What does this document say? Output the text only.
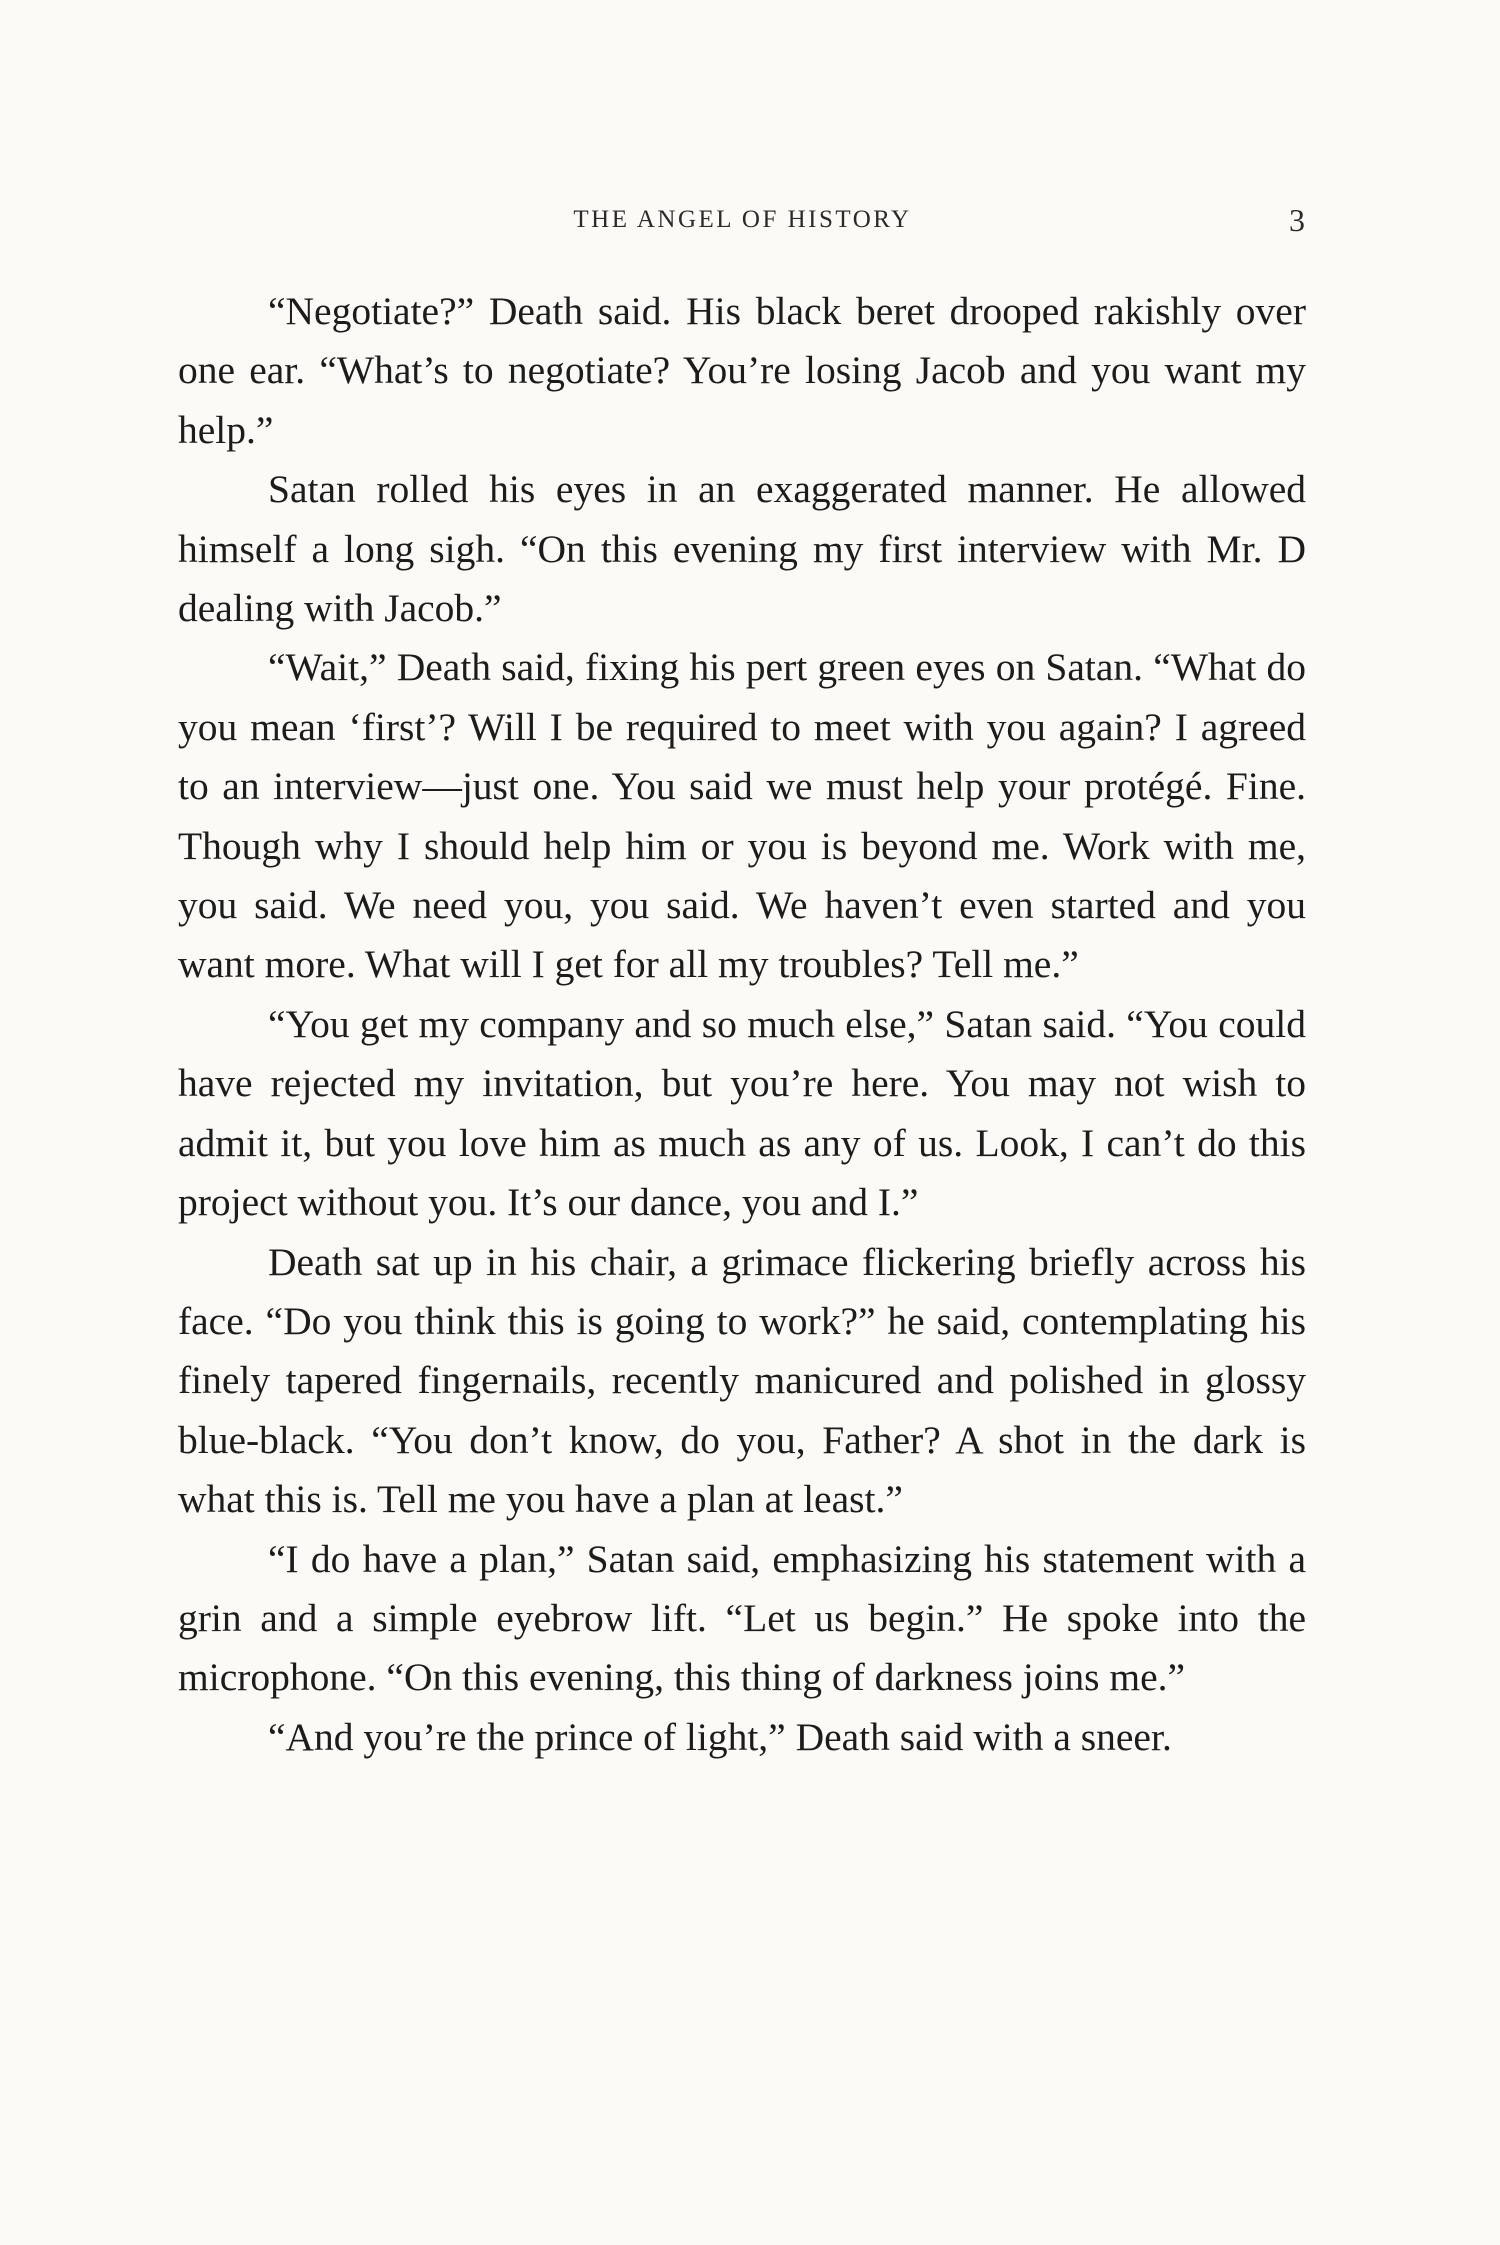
THE ANGEL OF HISTORY	3

“Negotiate?” Death said. His black beret drooped rakishly over one ear. “What’s to negotiate? You’re losing Jacob and you want my help.”

Satan rolled his eyes in an exaggerated manner. He allowed himself a long sigh. “On this evening my first interview with Mr. D dealing with Jacob.”

“Wait,” Death said, fixing his pert green eyes on Satan. “What do you mean ‘first’? Will I be required to meet with you again? I agreed to an interview—just one. You said we must help your protégé. Fine. Though why I should help him or you is beyond me. Work with me, you said. We need you, you said. We haven’t even started and you want more. What will I get for all my troubles? Tell me.”

“You get my company and so much else,” Satan said. “You could have rejected my invitation, but you’re here. You may not wish to admit it, but you love him as much as any of us. Look, I can’t do this project without you. It’s our dance, you and I.”

Death sat up in his chair, a grimace flickering briefly across his face. “Do you think this is going to work?” he said, contemplating his finely tapered fingernails, recently manicured and polished in glossy blue-black. “You don’t know, do you, Father? A shot in the dark is what this is. Tell me you have a plan at least.”

“I do have a plan,” Satan said, emphasizing his statement with a grin and a simple eyebrow lift. “Let us begin.” He spoke into the microphone. “On this evening, this thing of darkness joins me.”

“And you’re the prince of light,” Death said with a sneer.
